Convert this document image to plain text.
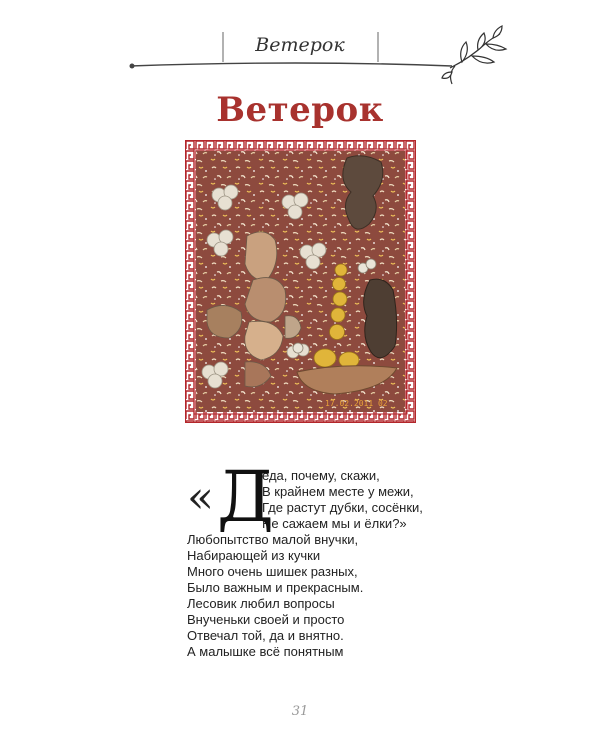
Ветерок
Ветерок
17.02.2011 02
« Д
еда, почему, скажи,
В крайнем месте у межи,
Где растут дубки, сосёнки,
Не сажаем мы и ёлки?»
Любопытство малой внучки,
Набирающей из кучки
Много очень шишек разных,
Было важным и прекрасным.
Лесовик любил вопросы
Внученьки своей и просто
Отвечал той, да и внятно.
А малышке всё понятным
31
